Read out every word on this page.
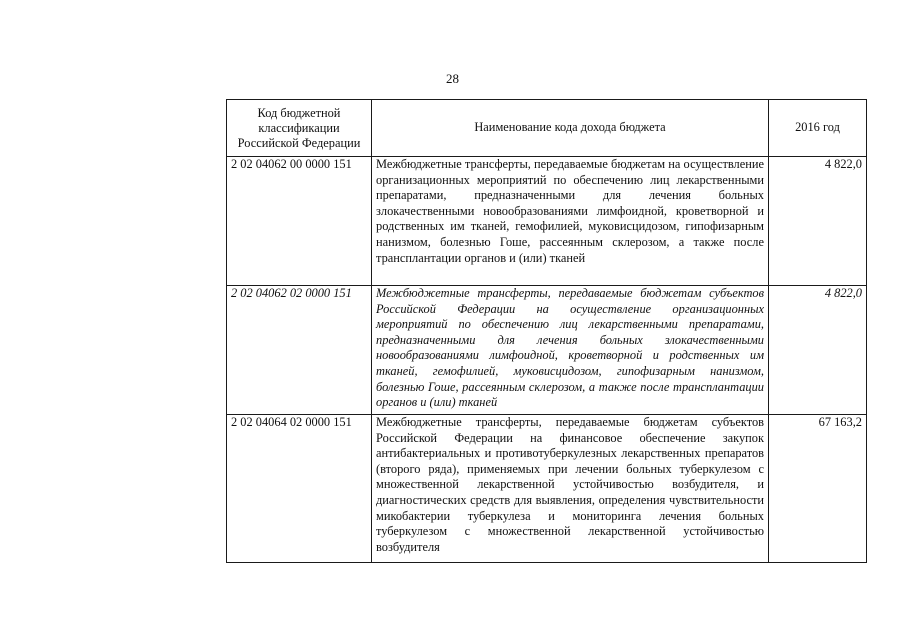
28
Код бюджетной классификации Российской Федерации	Наименование кода дохода бюджета	2016 год
2 02 04062 00 0000 151	Межбюджетные трансферты, передаваемые бюджетам на осуществление организационных мероприятий по обеспечению лиц лекарственными препаратами, предназначенными для лечения больных злокачественными новообразованиями лимфоидной, кроветворной и родственных им тканей, гемофилией, муковисцидозом, гипофизарным нанизмом, болезнью Гоше, рассеянным склерозом, а также после трансплантации органов и (или) тканей	4 822,0
2 02 04062 02 0000 151	Межбюджетные трансферты, передаваемые бюджетам субъектов Российской Федерации на осуществление организационных мероприятий по обеспечению лиц лекарственными препаратами, предназначенными для лечения больных злокачественными новообразованиями лимфоидной, кроветворной и родственных им тканей, гемофилией, муковисцидозом, гипофизарным нанизмом, болезнью Гоше, рассеянным склерозом, а также после трансплантации органов и (или) тканей	4 822,0
2 02 04064 02 0000 151	Межбюджетные трансферты, передаваемые бюджетам субъектов Российской Федерации на финансовое обеспечение закупок антибактериальных и противотуберкулезных лекарственных препаратов (второго ряда), применяемых при лечении больных туберкулезом с множественной лекарственной устойчивостью возбудителя, и диагностических средств для выявления, определения чувствительности микобактерии туберкулеза и мониторинга лечения больных туберкулезом с множественной лекарственной устойчивостью возбудителя	67 163,2
